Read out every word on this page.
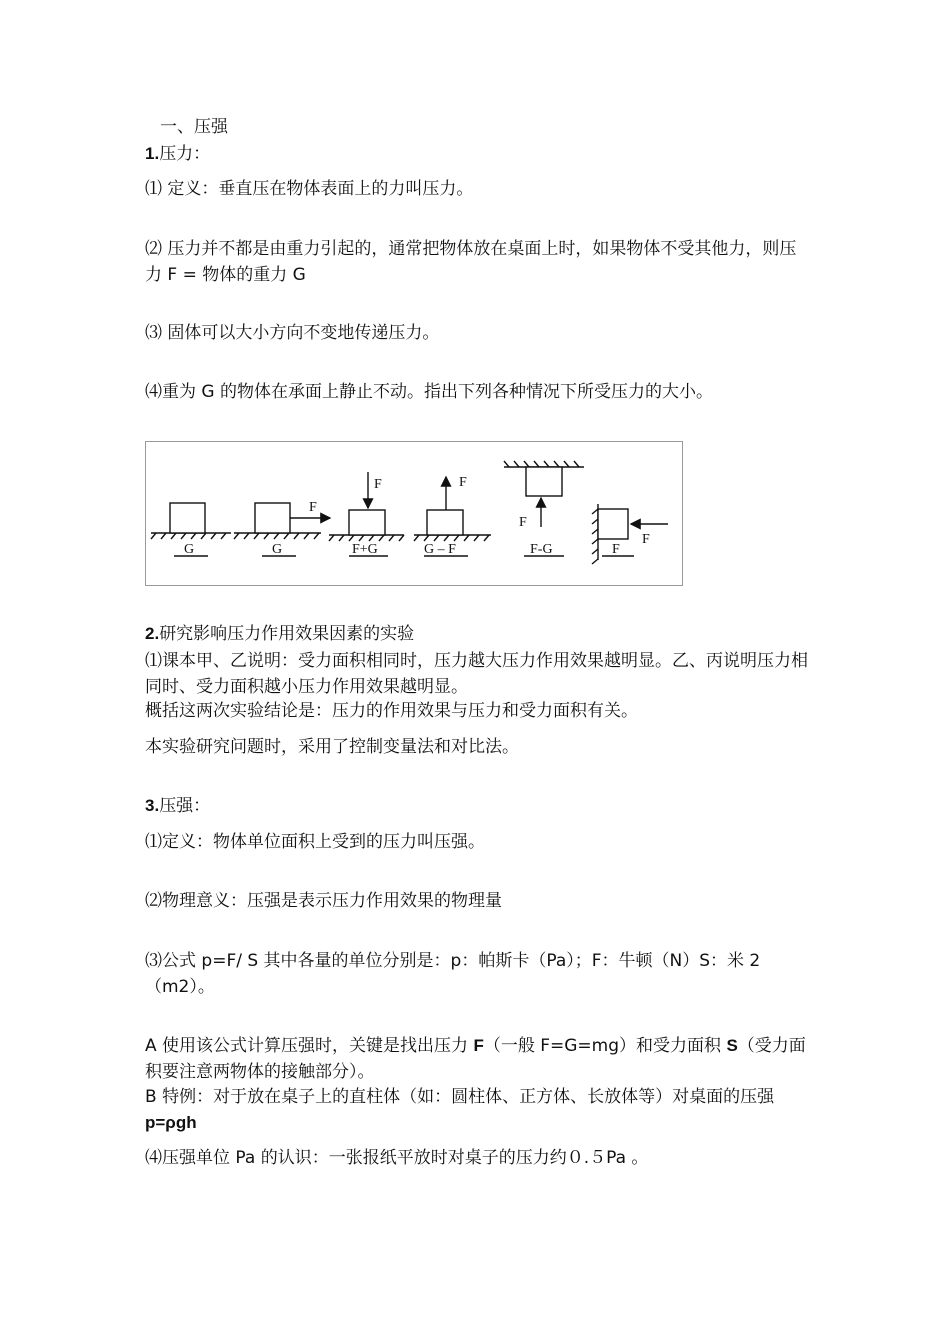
一、压强
1.压力：
⑴ 定义：垂直压在物体表面上的力叫压力。
⑵ 压力并不都是由重力引起的，通常把物体放在桌面上时，如果物体不受其他力，则压力 F = 物体的重力 G
⑶ 固体可以大小方向不变地传递压力。
⑷重为 G 的物体在承面上静止不动。指出下列各种情况下所受压力的大小。
F
F	F
F
F
G	G	F+G	G – F	F-G	F
2.研究影响压力作用效果因素的实验
⑴课本甲、乙说明：受力面积相同时，压力越大压力作用效果越明显。乙、丙说明压力相同时、受力面积越小压力作用效果越明显。
概括这两次实验结论是：压力的作用效果与压力和受力面积有关。
本实验研究问题时，采用了控制变量法和对比法。
3.压强：
⑴定义：物体单位面积上受到的压力叫压强。
⑵物理意义：压强是表示压力作用效果的物理量
⑶公式 p=F/ S 其中各量的单位分别是：p：帕斯卡（Pa）；F：牛顿（N）S：米 2 （m2）。
A 使用该公式计算压强时，关键是找出压力 F（一般 F=G=mg）和受力面积 S（受力面积要注意两物体的接触部分）。
B 特例：对于放在桌子上的直柱体（如：圆柱体、正方体、长放体等）对桌面的压强 p=ρgh
⑷压强单位 Pa 的认识：一张报纸平放时对桌子的压力约０.５Pa 。
